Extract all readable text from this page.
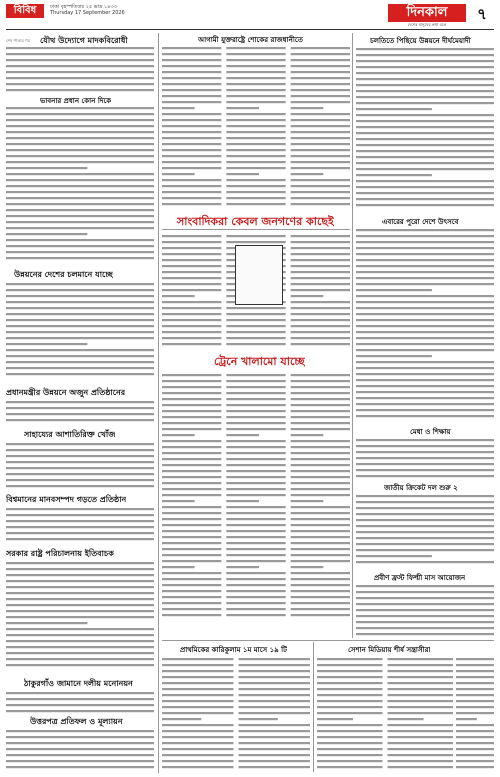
বিবিধ	ঢাকা বৃহস্পতিবার ২৫ ভাদ্র ১৪৩৩
Thursday 17 September 2026	দিনকাল
দেশের মানুষের কথা বলে
৭
যৌথ উদ্যোগে মাদকবিরোধী
শেষ পাতার পর
ভাবনার প্রধান কোন দিকে
উন্নয়নের দেশের চলমানে যাচ্ছে
প্রধানমন্ত্রীর উন্নয়নে অজুন প্রতিষ্ঠানের
সাহায্যের আশাতিরিক্ত খোঁজ
বিশ্বমানের মানবসম্পদ গড়তে প্রতিষ্ঠান
সরকার রাষ্ট্র পরিচালনায় ইতিবাচক
ঠাকুরগাঁও জামানে দলীয় মনোনয়ন
উত্তরপত্র প্রতিফল ও মূল্যায়ন
আগামী যুক্তরাষ্ট্রে শোকের রাজধানীতে
সাংবাদিকরা কেবল জনগণের কাছেই
ট্রেনে খালামো যাচ্ছে
প্রাথমিকের কারিকুলাম ১ম মাসে ১৯ টি	সেশান মিডিয়ায় শীর্ষ সন্ত্রাসীরা
চলতিতে পিছিয়ে উন্নয়নে দীর্ঘমেয়াদী
এবারের পুরো দেশে উৎসবে
মেধা ও শিক্ষায়
জাতীয় ক্রিকেট দল শুরু ২
প্রবীণ ফ্রস্ট ফিল্মী মাস আয়োজন
